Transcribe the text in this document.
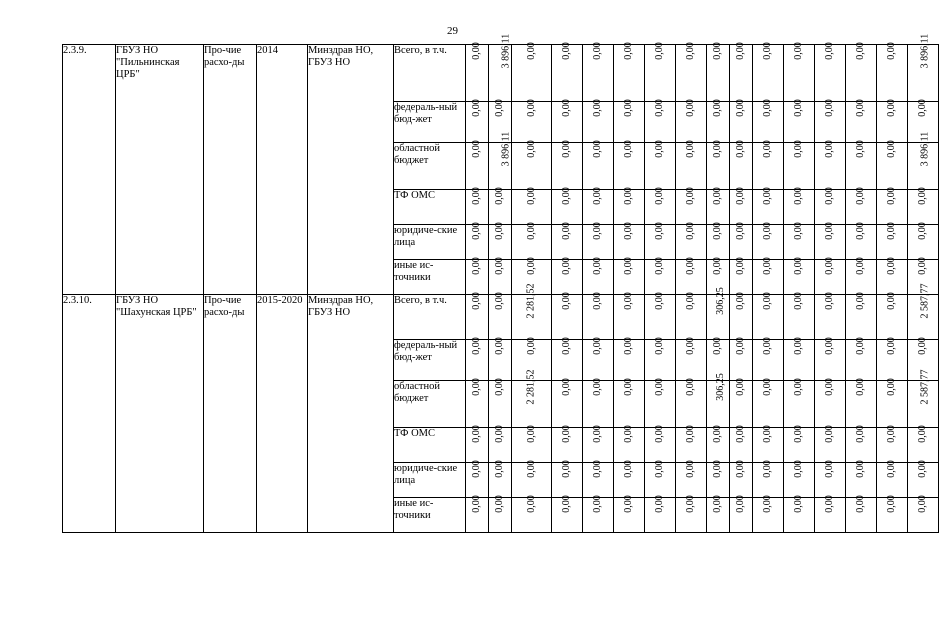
29
2.3.9.	ГБУЗ НО "Пильнинская ЦРБ"	Про-чие расхо-ды	2014	Минздрав НО, ГБУЗ НО	Всего, в т.ч.	0,00	3 896,11	0,00	0,00	0,00	0,00	0,00	0,00	0,00	0,00	0,00	0,00	0,00	0,00	0,00	3 896,11
					федераль-ный бюд-жет	0,00	0,00	0,00	0,00	0,00	0,00	0,00	0,00	0,00	0,00	0,00	0,00	0,00	0,00	0,00	0,00
					областной бюджет	0,00	3 896,11	0,00	0,00	0,00	0,00	0,00	0,00	0,00	0,00	0,00	0,00	0,00	0,00	0,00	3 896,11
					ТФ ОМС	0,00	0,00	0,00	0,00	0,00	0,00	0,00	0,00	0,00	0,00	0,00	0,00	0,00	0,00	0,00	0,00
					юридиче-ские лица	0,00	0,00	0,00	0,00	0,00	0,00	0,00	0,00	0,00	0,00	0,00	0,00	0,00	0,00	0,00	0,00
					иные ис-точники	0,00	0,00	0,00	0,00	0,00	0,00	0,00	0,00	0,00	0,00	0,00	0,00	0,00	0,00	0,00	0,00
2.3.10.	ГБУЗ НО "Шахунская ЦРБ"	Про-чие расхо-ды	2015-2020	Минздрав НО, ГБУЗ НО	Всего, в т.ч.	0,00	0,00	2 281,52	0,00	0,00	0,00	0,00	0,00	306,25	0,00	0,00	0,00	0,00	0,00	0,00	2 587,77
					федераль-ный бюд-жет	0,00	0,00	0,00	0,00	0,00	0,00	0,00	0,00	0,00	0,00	0,00	0,00	0,00	0,00	0,00	0,00
					областной бюджет	0,00	0,00	2 281,52	0,00	0,00	0,00	0,00	0,00	306,25	0,00	0,00	0,00	0,00	0,00	0,00	2 587,77
					ТФ ОМС	0,00	0,00	0,00	0,00	0,00	0,00	0,00	0,00	0,00	0,00	0,00	0,00	0,00	0,00	0,00	0,00
					юридиче-ские лица	0,00	0,00	0,00	0,00	0,00	0,00	0,00	0,00	0,00	0,00	0,00	0,00	0,00	0,00	0,00	0,00
					иные ис-точники	0,00	0,00	0,00	0,00	0,00	0,00	0,00	0,00	0,00	0,00	0,00	0,00	0,00	0,00	0,00	0,00
